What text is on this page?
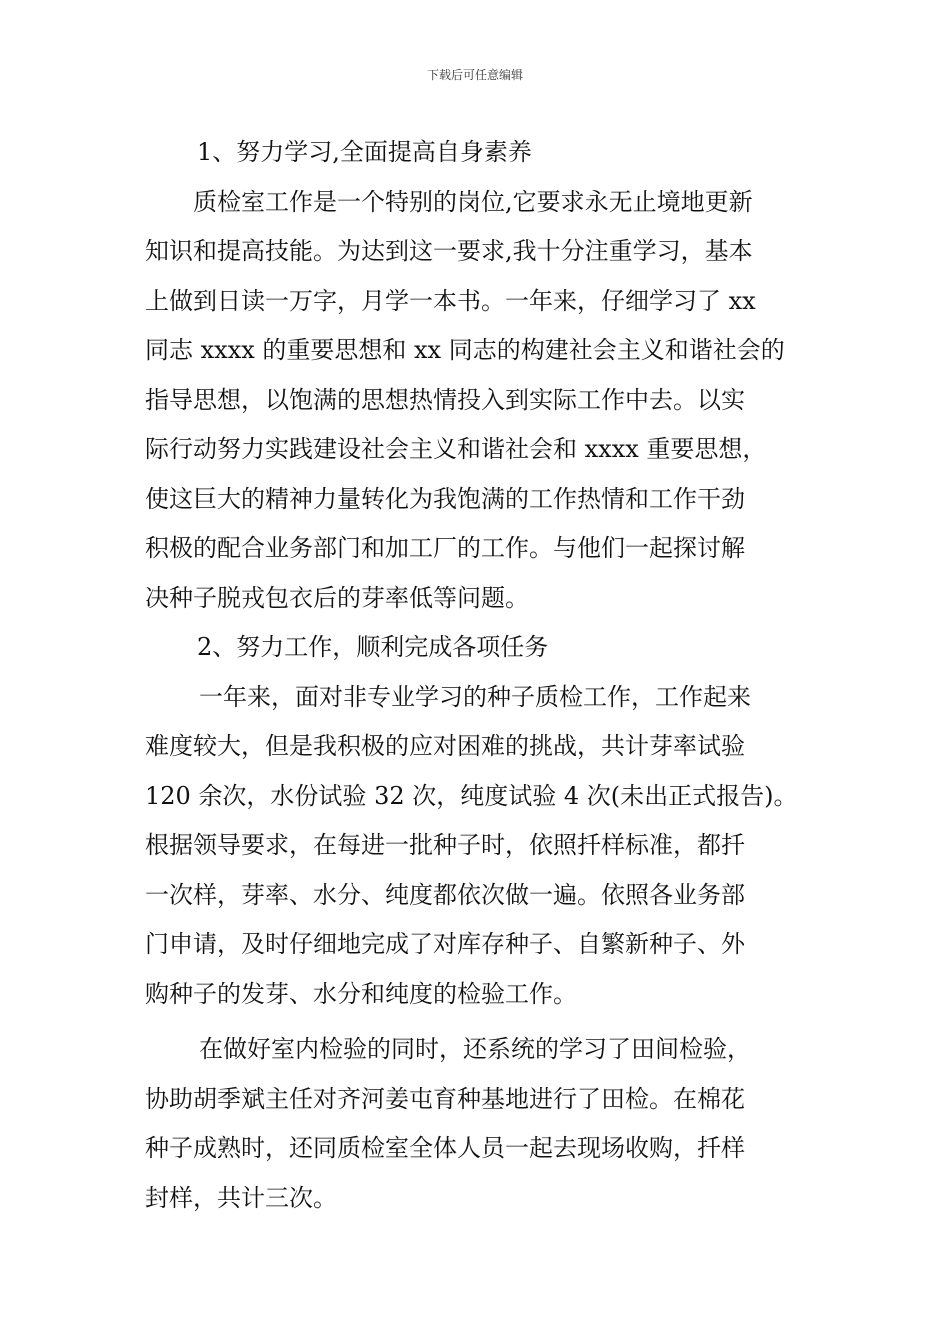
下载后可任意编辑
1、努力学习,全面提高自身素养
质检室工作是一个特别的岗位,它要求永无止境地更新
知识和提高技能。为达到这一要求,我十分注重学习，基本
上做到日读一万字，月学一本书。一年来，仔细学习了 xx
同志 xxxx 的重要思想和 xx 同志的构建社会主义和谐社会的
指导思想，以饱满的思想热情投入到实际工作中去。以实
际行动努力实践建设社会主义和谐社会和 xxxx 重要思想，
使这巨大的精神力量转化为我饱满的工作热情和工作干劲
积极的配合业务部门和加工厂的工作。与他们一起探讨解
决种子脱戎包衣后的芽率低等问题。
2、努力工作，顺利完成各项任务
一年来，面对非专业学习的种子质检工作，工作起来
难度较大，但是我积极的应对困难的挑战，共计芽率试验
120 余次，水份试验 32 次，纯度试验 4 次(未出正式报告)。
根据领导要求，在每进一批种子时，依照扦样标准，都扦
一次样，芽率、水分、纯度都依次做一遍。依照各业务部
门申请，及时仔细地完成了对库存种子、自繁新种子、外
购种子的发芽、水分和纯度的检验工作。
在做好室内检验的同时，还系统的学习了田间检验，
协助胡季斌主任对齐河姜屯育种基地进行了田检。在棉花
种子成熟时，还同质检室全体人员一起去现场收购，扦样
封样，共计三次。
